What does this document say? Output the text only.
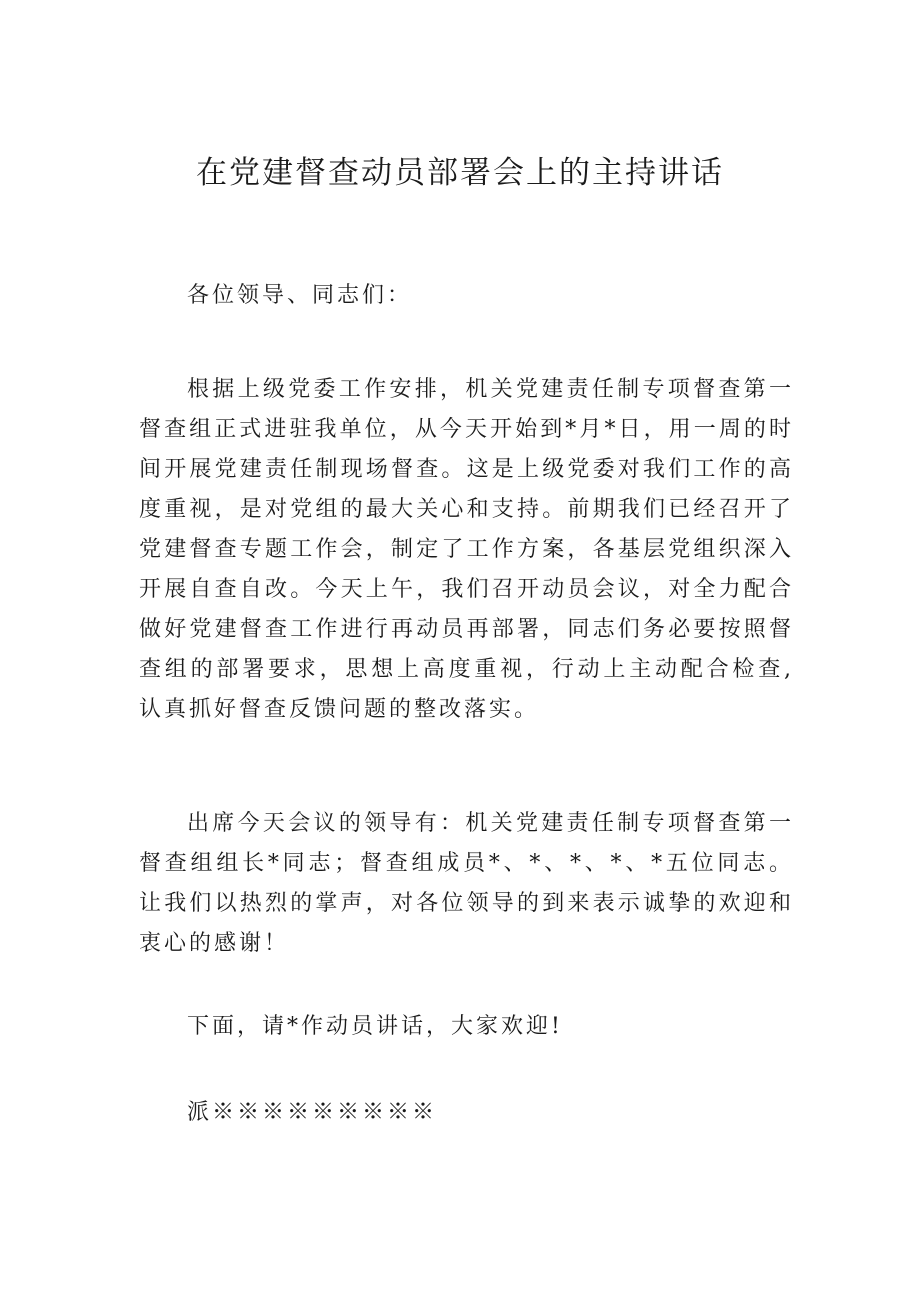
在党建督查动员部署会上的主持讲话

各位领导、同志们：

根据上级党委工作安排，机关党建责任制专项督查第一督查组正式进驻我单位，从今天开始到*月*日，用一周的时间开展党建责任制现场督查。这是上级党委对我们工作的高度重视，是对党组的最大关心和支持。前期我们已经召开了党建督查专题工作会，制定了工作方案，各基层党组织深入开展自查自改。今天上午，我们召开动员会议，对全力配合做好党建督查工作进行再动员再部署，同志们务必要按照督查组的部署要求，思想上高度重视，行动上主动配合检查,认真抓好督查反馈问题的整改落实。

出席今天会议的领导有：机关党建责任制专项督查第一督查组组长*同志；督查组成员*、*、*、*、*五位同志。让我们以热烈的掌声，对各位领导的到来表示诚挚的欢迎和衷心的感谢！

下面，请*作动员讲话，大家欢迎!

派※※※※※※※※※
